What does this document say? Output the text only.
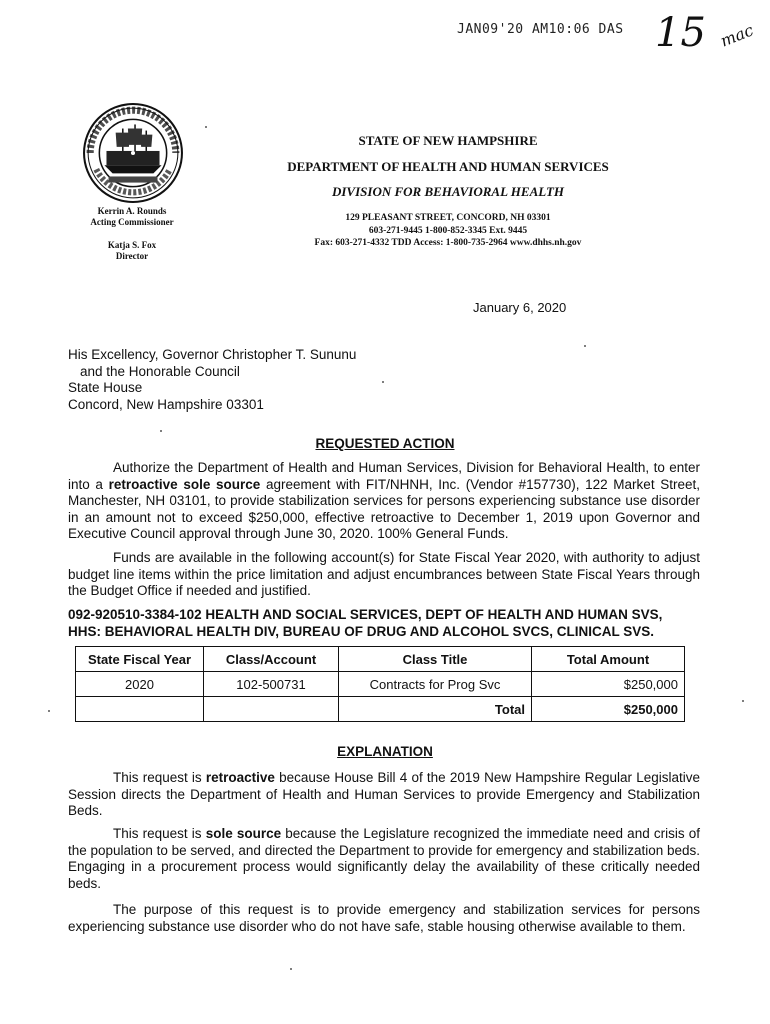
JAN09'20 AM10:06 DAS 15 mac
Kerrin A. Rounds
Acting Commissioner
Katja S. Fox
Director
STATE OF NEW HAMPSHIRE
DEPARTMENT OF HEALTH AND HUMAN SERVICES
DIVISION FOR BEHAVIORAL HEALTH
129 PLEASANT STREET, CONCORD, NH 03301
603-271-9445 1-800-852-3345 Ext. 9445
Fax: 603-271-4332 TDD Access: 1-800-735-2964 www.dhhs.nh.gov
January 6, 2020
His Excellency, Governor Christopher T. Sununu
and the Honorable Council
State House
Concord, New Hampshire 03301
REQUESTED ACTION
Authorize the Department of Health and Human Services, Division for Behavioral Health, to enter into a retroactive sole source agreement with FIT/NHNH, Inc. (Vendor #157730), 122 Market Street, Manchester, NH 03101, to provide stabilization services for persons experiencing substance use disorder in an amount not to exceed $250,000, effective retroactive to December 1, 2019 upon Governor and Executive Council approval through June 30, 2020. 100% General Funds.
Funds are available in the following account(s) for State Fiscal Year 2020, with authority to adjust budget line items within the price limitation and adjust encumbrances between State Fiscal Years through the Budget Office if needed and justified.
092-920510-3384-102 HEALTH AND SOCIAL SERVICES, DEPT OF HEALTH AND HUMAN SVS,
HHS: BEHAVIORAL HEALTH DIV, BUREAU OF DRUG AND ALCOHOL SVCS, CLINICAL SVS.
State Fiscal Year	Class/Account	Class Title	Total Amount
2020	102-500731	Contracts for Prog Svc	$250,000
		Total	$250,000
EXPLANATION
This request is retroactive because House Bill 4 of the 2019 New Hampshire Regular Legislative Session directs the Department of Health and Human Services to provide Emergency and Stabilization Beds.
This request is sole source because the Legislature recognized the immediate need and crisis of the population to be served, and directed the Department to provide for emergency and stabilization beds. Engaging in a procurement process would significantly delay the availability of these critically needed beds.
The purpose of this request is to provide emergency and stabilization services for persons experiencing substance use disorder who do not have safe, stable housing otherwise available to them.
